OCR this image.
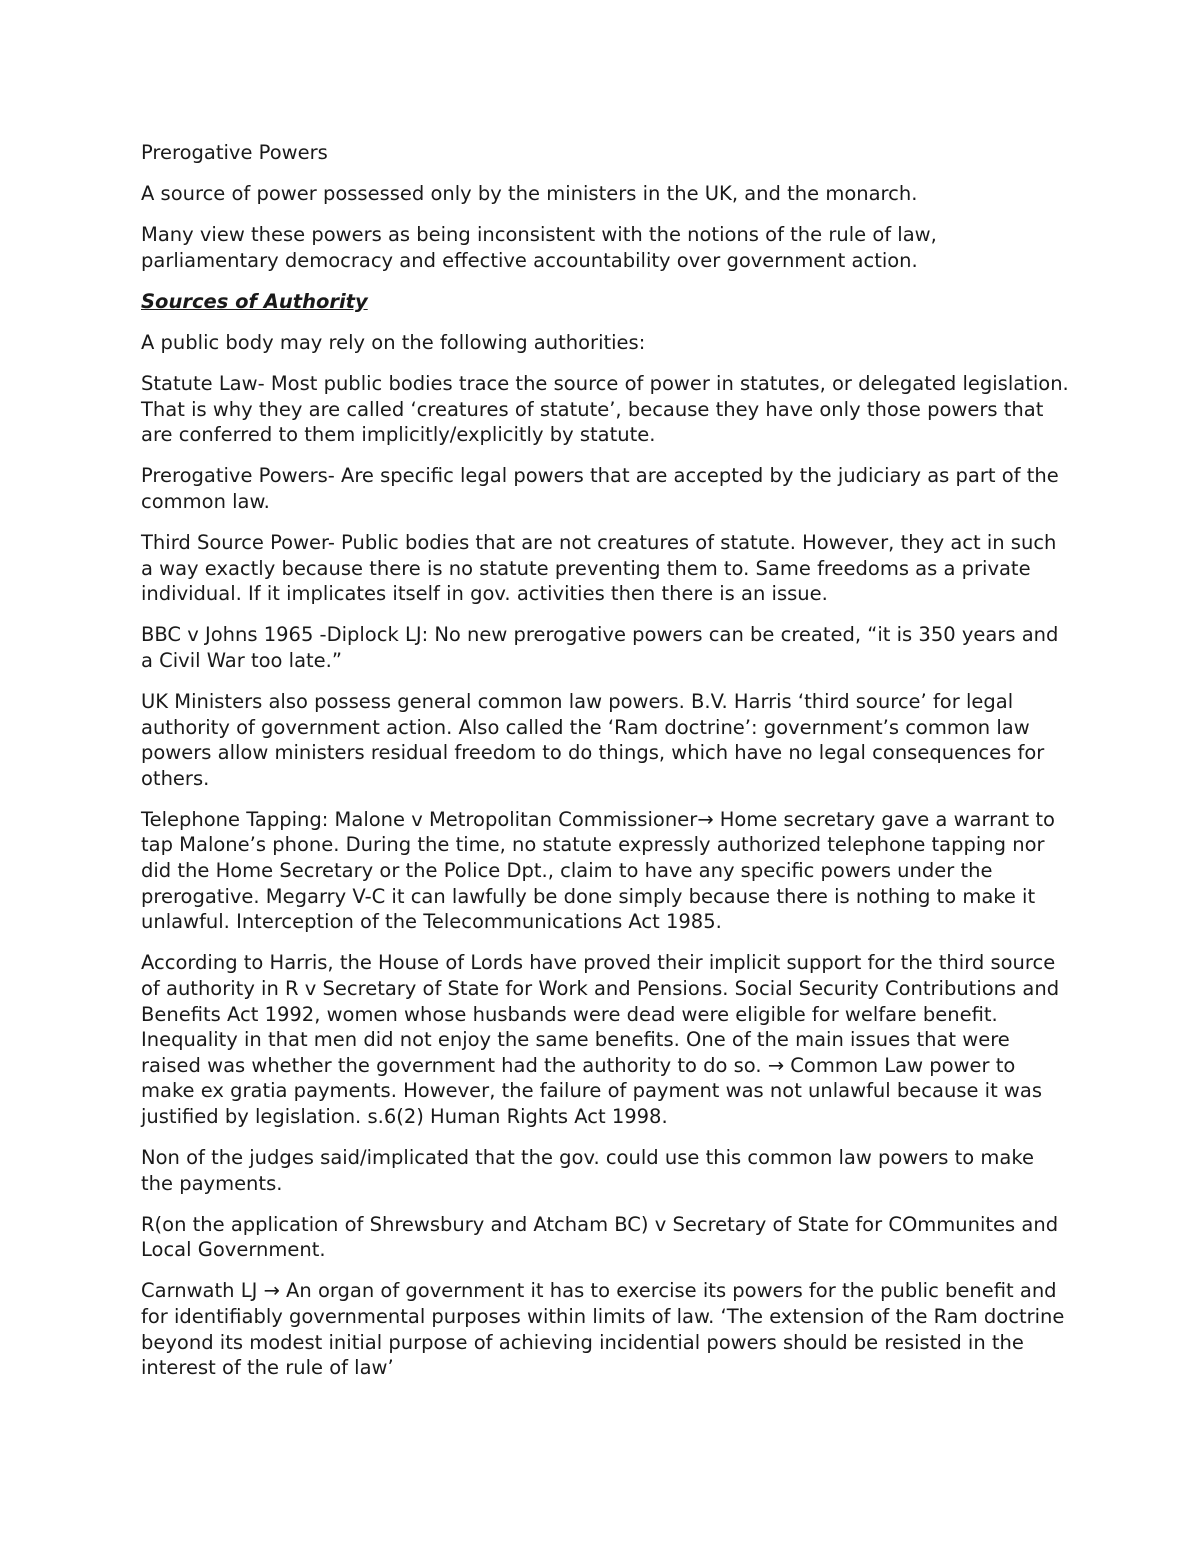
Prerogative Powers

A source of power possessed only by the ministers in the UK, and the monarch.

Many view these powers as being inconsistent with the notions of the rule of law, parliamentary democracy and effective accountability over government action.

Sources of Authority

A public body may rely on the following authorities:

Statute Law- Most public bodies trace the source of power in statutes, or delegated legislation. That is why they are called ‘creatures of statute’, because they have only those powers that are conferred to them implicitly/explicitly by statute.

Prerogative Powers- Are specific legal powers that are accepted by the judiciary as part of the common law.

Third Source Power- Public bodies that are not creatures of statute. However, they act in such a way exactly because there is no statute preventing them to. Same freedoms as a private individual. If it implicates itself in gov. activities then there is an issue.

BBC v Johns 1965 -Diplock LJ: No new prerogative powers can be created, “it is 350 years and a Civil War too late.”

UK Ministers also possess general common law powers. B.V. Harris ‘third source’ for legal authority of government action. Also called the ‘Ram doctrine’: government’s common law powers allow ministers residual freedom to do things, which have no legal consequences for others.

Telephone Tapping: Malone v Metropolitan Commissioner→ Home secretary gave a warrant to tap Malone’s phone. During the time, no statute expressly authorized telephone tapping nor did the Home Secretary or the Police Dpt., claim to have any specific powers under the prerogative. Megarry V-C it can lawfully be done simply because there is nothing to make it unlawful. Interception of the Telecommunications Act 1985.

According to Harris, the House of Lords have proved their implicit support for the third source of authority in R v Secretary of State for Work and Pensions. Social Security Contributions and Benefits Act 1992, women whose husbands were dead were eligible for welfare benefit. Inequality in that men did not enjoy the same benefits. One of the main issues that were raised was whether the government had the authority to do so. → Common Law power to make ex gratia payments. However, the failure of payment was not unlawful because it was justified by legislation. s.6(2) Human Rights Act 1998.

Non of the judges said/implicated that the gov. could use this common law powers to make the payments.

R(on the application of Shrewsbury and Atcham BC) v Secretary of State for COmmunites and Local Government.

Carnwath LJ → An organ of government it has to exercise its powers for the public benefit and for identifiably governmental purposes within limits of law. ‘The extension of the Ram doctrine beyond its modest initial purpose of achieving incidential powers should be resisted in the interest of the rule of law’
